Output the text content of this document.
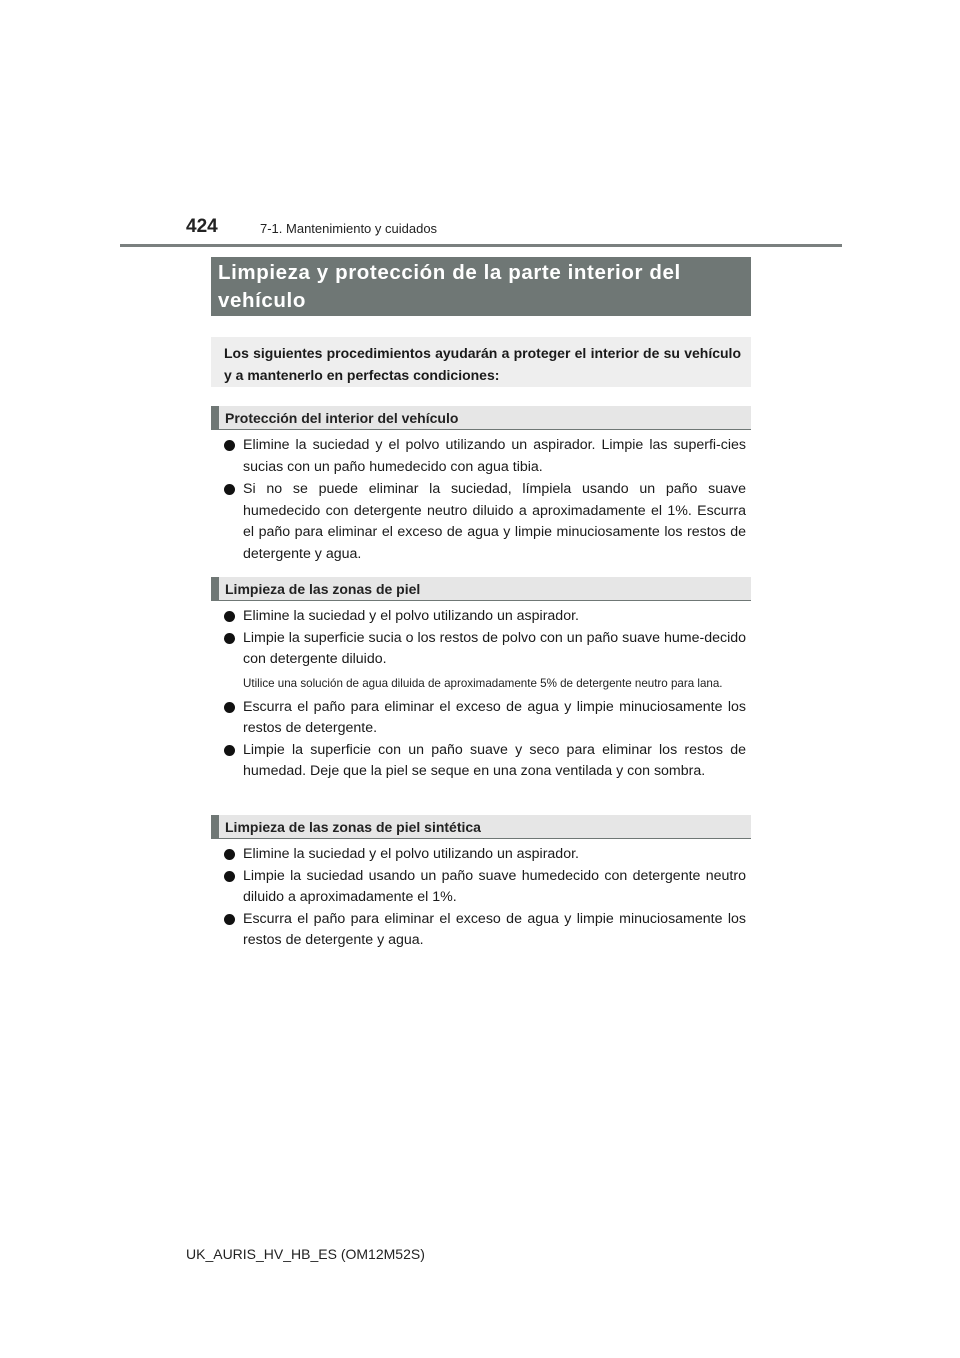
424	7-1. Mantenimiento y cuidados
Limpieza y protección de la parte interior del vehículo
Los siguientes procedimientos ayudarán a proteger el interior de su vehículo y a mantenerlo en perfectas condiciones:
Protección del interior del vehículo
Elimine la suciedad y el polvo utilizando un aspirador. Limpie las superfi-cies sucias con un paño humedecido con agua tibia.
Si no se puede eliminar la suciedad, límpiela usando un paño suave humedecido con detergente neutro diluido a aproximadamente el 1%. Escurra el paño para eliminar el exceso de agua y limpie minuciosamente los restos de detergente y agua.
Limpieza de las zonas de piel
Elimine la suciedad y el polvo utilizando un aspirador.
Limpie la superficie sucia o los restos de polvo con un paño suave hume-decido con detergente diluido.
Utilice una solución de agua diluida de aproximadamente 5% de detergente neutro para lana.
Escurra el paño para eliminar el exceso de agua y limpie minuciosamente los restos de detergente.
Limpie la superficie con un paño suave y seco para eliminar los restos de humedad. Deje que la piel se seque en una zona ventilada y con sombra.
Limpieza de las zonas de piel sintética
Elimine la suciedad y el polvo utilizando un aspirador.
Limpie la suciedad usando un paño suave humedecido con detergente neutro diluido a aproximadamente el 1%.
Escurra el paño para eliminar el exceso de agua y limpie minuciosamente los restos de detergente y agua.
UK_AURIS_HV_HB_ES (OM12M52S)
